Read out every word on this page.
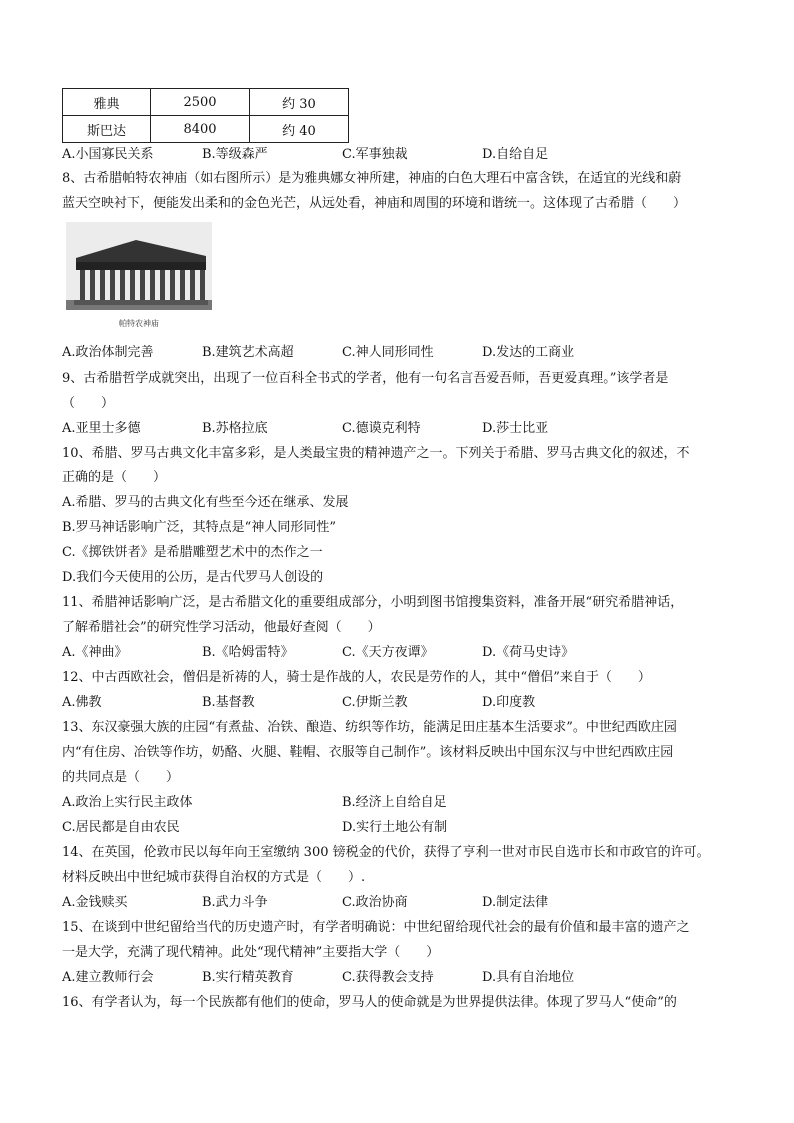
雅典	2500	约 30
斯巴达	8400	约 40
A.小国寡民关系	B.等级森严	C.军事独裁	D.自给自足
8、古希腊帕特农神庙（如右图所示）是为雅典娜女神所建，神庙的白色大理石中富含铁，在适宜的光线和蔚
蓝天空映衬下，便能发出柔和的金色光芒，从远处看，神庙和周围的环境和谐统一。这体现了古希腊（　　）
帕特农神庙
A.政治体制完善	B.建筑艺术高超	C.神人同形同性	D.发达的工商业
9、古希腊哲学成就突出，出现了一位百科全书式的学者，他有一句名言吾爱吾师，吾更爱真理。”该学者是
（　　）
A.亚里士多德	B.苏格拉底	C.德谟克利特	D.莎士比亚
10、希腊、罗马古典文化丰富多彩，是人类最宝贵的精神遗产之一。下列关于希腊、罗马古典文化的叙述，不
正确的是（　　）
A.希腊、罗马的古典文化有些至今还在继承、发展
B.罗马神话影响广泛，其特点是“神人同形同性”
C.《掷铁饼者》是希腊雕塑艺术中的杰作之一
D.我们今天使用的公历，是古代罗马人创设的
11、希腊神话影响广泛，是古希腊文化的重要组成部分，小明到图书馆搜集资料，准备开展“研究希腊神话，
了解希腊社会”的研究性学习活动，他最好查阅（　　）
A.《神曲》	B.《哈姆雷特》	C.《天方夜谭》	D.《荷马史诗》
12、中古西欧社会，僧侣是祈祷的人，骑士是作战的人，农民是劳作的人，其中“僧侣”来自于（　　）
A.佛教	B.基督教	C.伊斯兰教	D.印度教
13、东汉豪强大族的庄园“有煮盐、冶铁、酿造、纺织等作坊，能满足田庄基本生活要求”。中世纪西欧庄园
内“有住房、冶铁等作坊，奶酪、火腿、鞋帽、衣服等自己制作”。该材料反映出中国东汉与中世纪西欧庄园
的共同点是（　　）
A.政治上实行民主政体	B.经济上自给自足
C.居民都是自由农民	D.实行土地公有制
14、在英国，伦敦市民以每年向王室缴纳 300 镑税金的代价，获得了亨利一世对市民自选市长和市政官的许可。
材料反映出中世纪城市获得自治权的方式是（　　）.
A.金钱赎买	B.武力斗争	C.政治协商	D.制定法律
15、在谈到中世纪留给当代的历史遗产时，有学者明确说：中世纪留给现代社会的最有价值和最丰富的遗产之
一是大学，充满了现代精神。此处“现代精神”主要指大学（　　）
A.建立教师行会	B.实行精英教育	C.获得教会支持	D.具有自治地位
16、有学者认为，每一个民族都有他们的使命，罗马人的使命就是为世界提供法律。体现了罗马人“使命”的
